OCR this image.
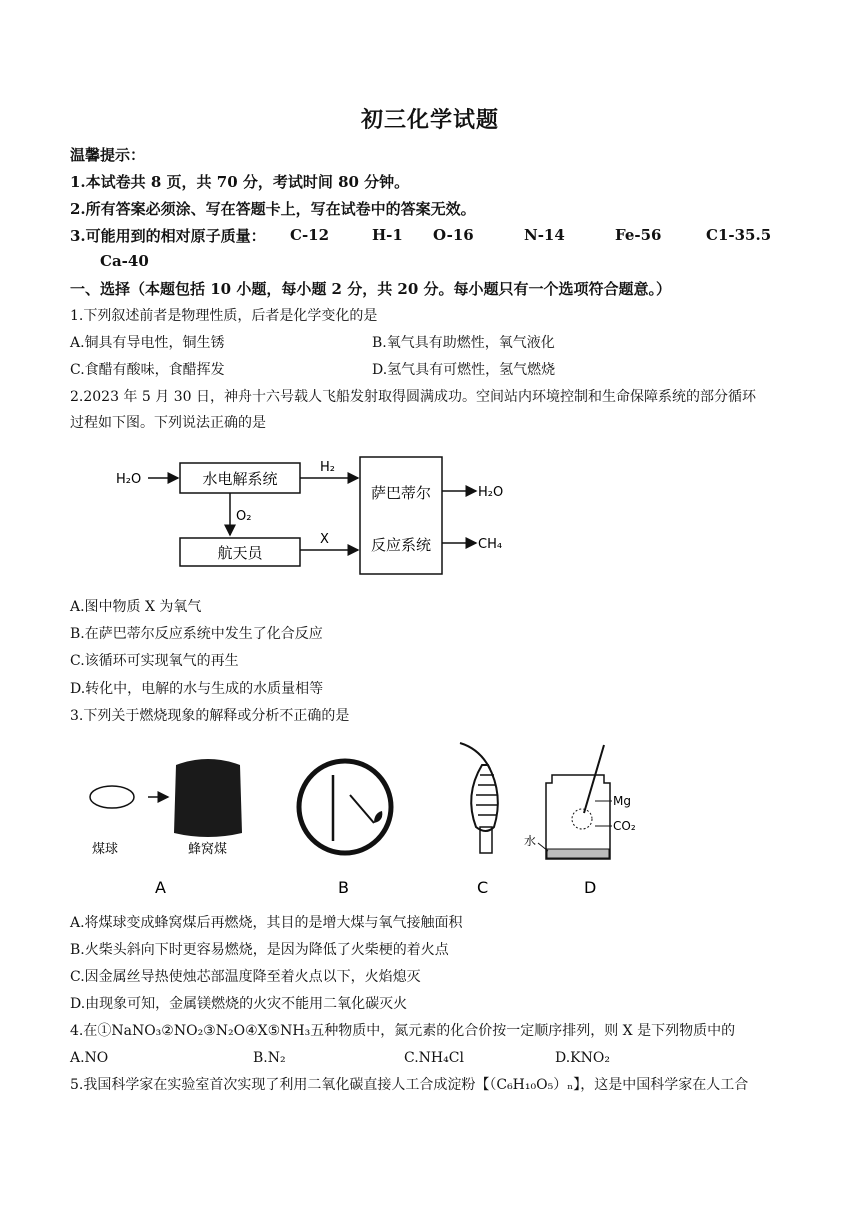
初三化学试题
温馨提示：
1.本试卷共 8 页，共 70 分，考试时间 80 分钟。
2.所有答案必须涂、写在答题卡上，写在试卷中的答案无效。
3.可能用到的相对原子质量： C-12	H-1 O-16	N-14	Fe-56	C1-35.5
Ca-40
一、选择（本题包括 10 小题，每小题 2 分，共 20 分。每小题只有一个选项符合题意。）
1.下列叙述前者是物理性质，后者是化学变化的是
A.铜具有导电性，铜生锈	B.氧气具有助燃性，氧气液化
C.食醋有酸味，食醋挥发	D.氢气具有可燃性，氢气燃烧
2.2023 年 5 月 30 日，神舟十六号载人飞船发射取得圆满成功。空间站内环境控制和生命保障系统的部分循环
过程如下图。下列说法正确的是
H₂O	水电解系统
H₂
O₂
航天员
X
萨巴蒂尔
反应系统
H₂O
CH₄
A.图中物质 X 为氧气
B.在萨巴蒂尔反应系统中发生了化合反应
C.该循环可实现氧气的再生
D.转化中，电解的水与生成的水质量相等
3.下列关于燃烧现象的解释或分析不正确的是
煤球	蜂窝煤
A	B	C
Mg
CO₂
水
D
A.将煤球变成蜂窝煤后再燃烧，其目的是增大煤与氧气接触面积
B.火柴头斜向下时更容易燃烧，是因为降低了火柴梗的着火点
C.因金属丝导热使烛芯部温度降至着火点以下，火焰熄灭
D.由现象可知，金属镁燃烧的火灾不能用二氧化碳灭火
4.在①NaNO₃②NO₂③N₂O④X⑤NH₃五种物质中，氮元素的化合价按一定顺序排列，则 X 是下列物质中的
A.NO	B.N₂	C.NH₄Cl	D.KNO₂
5.我国科学家在实验室首次实现了利用二氧化碳直接人工合成淀粉【（C₆H₁₀O₅）ₙ】，这是中国科学家在人工合
